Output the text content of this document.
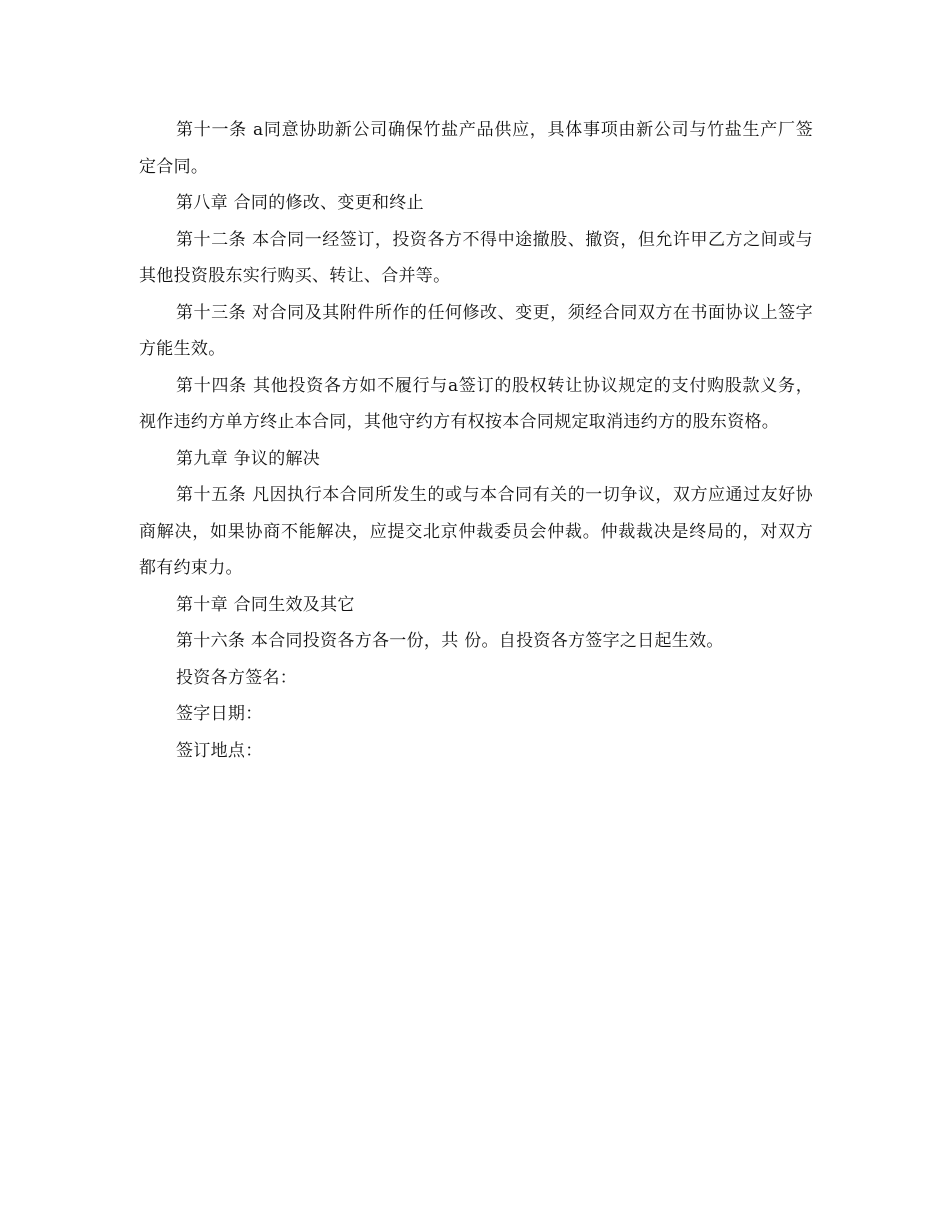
第十一条 a同意协助新公司确保竹盐产品供应，具体事项由新公司与竹盐生产厂签定合同。

第八章 合同的修改、变更和终止

第十二条 本合同一经签订，投资各方不得中途撤股、撤资，但允许甲乙方之间或与其他投资股东实行购买、转让、合并等。

第十三条 对合同及其附件所作的任何修改、变更，须经合同双方在书面协议上签字方能生效。

第十四条 其他投资各方如不履行与a签订的股权转让协议规定的支付购股款义务，视作违约方单方终止本合同，其他守约方有权按本合同规定取消违约方的股东资格。

第九章 争议的解决

第十五条 凡因执行本合同所发生的或与本合同有关的一切争议，双方应通过友好协商解决，如果协商不能解决，应提交北京仲裁委员会仲裁。仲裁裁决是终局的，对双方都有约束力。

第十章 合同生效及其它

第十六条 本合同投资各方各一份，共 份。自投资各方签字之日起生效。

投资各方签名：

签字日期：

签订地点：
